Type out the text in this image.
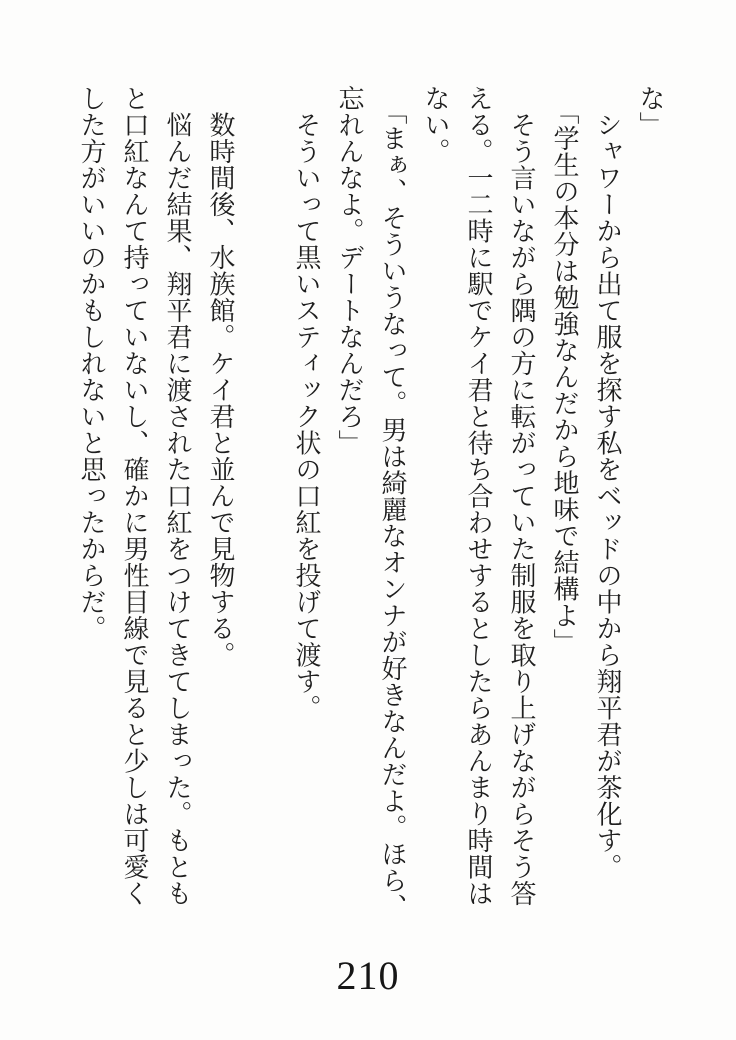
な」
　シャワーから出て服を探す私をベッドの中から翔平君が茶化す。
　「学生の本分は勉強なんだから地味で結構よ」
　そう言いながら隅の方に転がっていた制服を取り上げながらそう答
える。一二時に駅でケイ君と待ち合わせするとしたらあんまり時間は
ない。
　「まぁ、そういうなって。男は綺麗なオンナが好きなんだよ。ほら、
忘れんなよ。デートなんだろ」
　そういって黒いスティック状の口紅を投げて渡す。
　数時間後、水族館。ケイ君と並んで見物する。
　悩んだ結果、翔平君に渡された口紅をつけてきてしまった。もとも
と口紅なんて持っていないし、確かに男性目線で見ると少しは可愛く
した方がいいのかもしれないと思ったからだ。
210
